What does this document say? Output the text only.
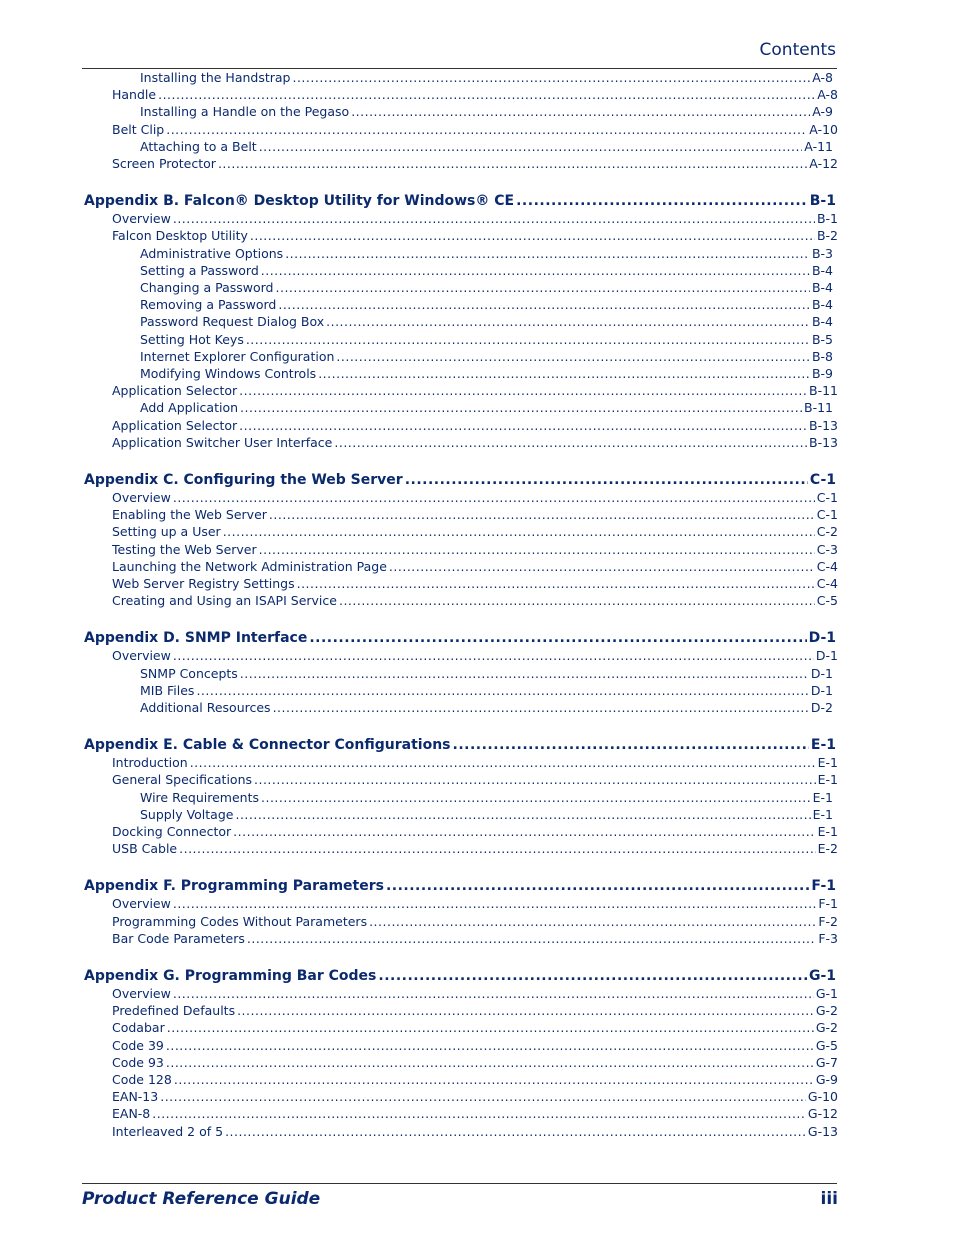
Contents
Installing the Handstrap .....	A-8
Handle .....	A-8
Installing a Handle on the Pegaso .....	A-9
Belt Clip .....	A-10
Attaching to a Belt .....	A-11
Screen Protector .....	A-12
Appendix B. Falcon® Desktop Utility for Windows® CE .....	B-1
Overview .....	B-1
Falcon Desktop Utility .....	B-2
Administrative Options .....	B-3
Setting a Password .....	B-4
Changing a Password .....	B-4
Removing a Password .....	B-4
Password Request Dialog Box .....	B-4
Setting Hot Keys .....	B-5
Internet Explorer Configuration .....	B-8
Modifying Windows Controls .....	B-9
Application Selector .....	B-11
Add Application .....	B-11
Application Selector .....	B-13
Application Switcher User Interface .....	B-13
Appendix C. Configuring the Web Server .....	C-1
Overview .....	C-1
Enabling the Web Server .....	C-1
Setting up a User .....	C-2
Testing the Web Server .....	C-3
Launching the Network Administration Page .....	C-4
Web Server Registry Settings .....	C-4
Creating and Using an ISAPI Service .....	C-5
Appendix D. SNMP Interface .....	D-1
Overview .....	D-1
SNMP Concepts .....	D-1
MIB Files .....	D-1
Additional Resources .....	D-2
Appendix E. Cable & Connector Configurations .....	E-1
Introduction .....	E-1
General Specifications .....	E-1
Wire Requirements .....	E-1
Supply Voltage .....	E-1
Docking Connector .....	E-1
USB Cable .....	E-2
Appendix F. Programming Parameters .....	F-1
Overview .....	F-1
Programming Codes Without Parameters .....	F-2
Bar Code Parameters .....	F-3
Appendix G. Programming Bar Codes .....	G-1
Overview .....	G-1
Predefined Defaults .....	G-2
Codabar .....	G-2
Code 39 .....	G-5
Code 93 .....	G-7
Code 128 .....	G-9
EAN-13 .....	G-10
EAN-8 .....	G-12
Interleaved 2 of 5 .....	G-13
Product Reference Guide	iii
